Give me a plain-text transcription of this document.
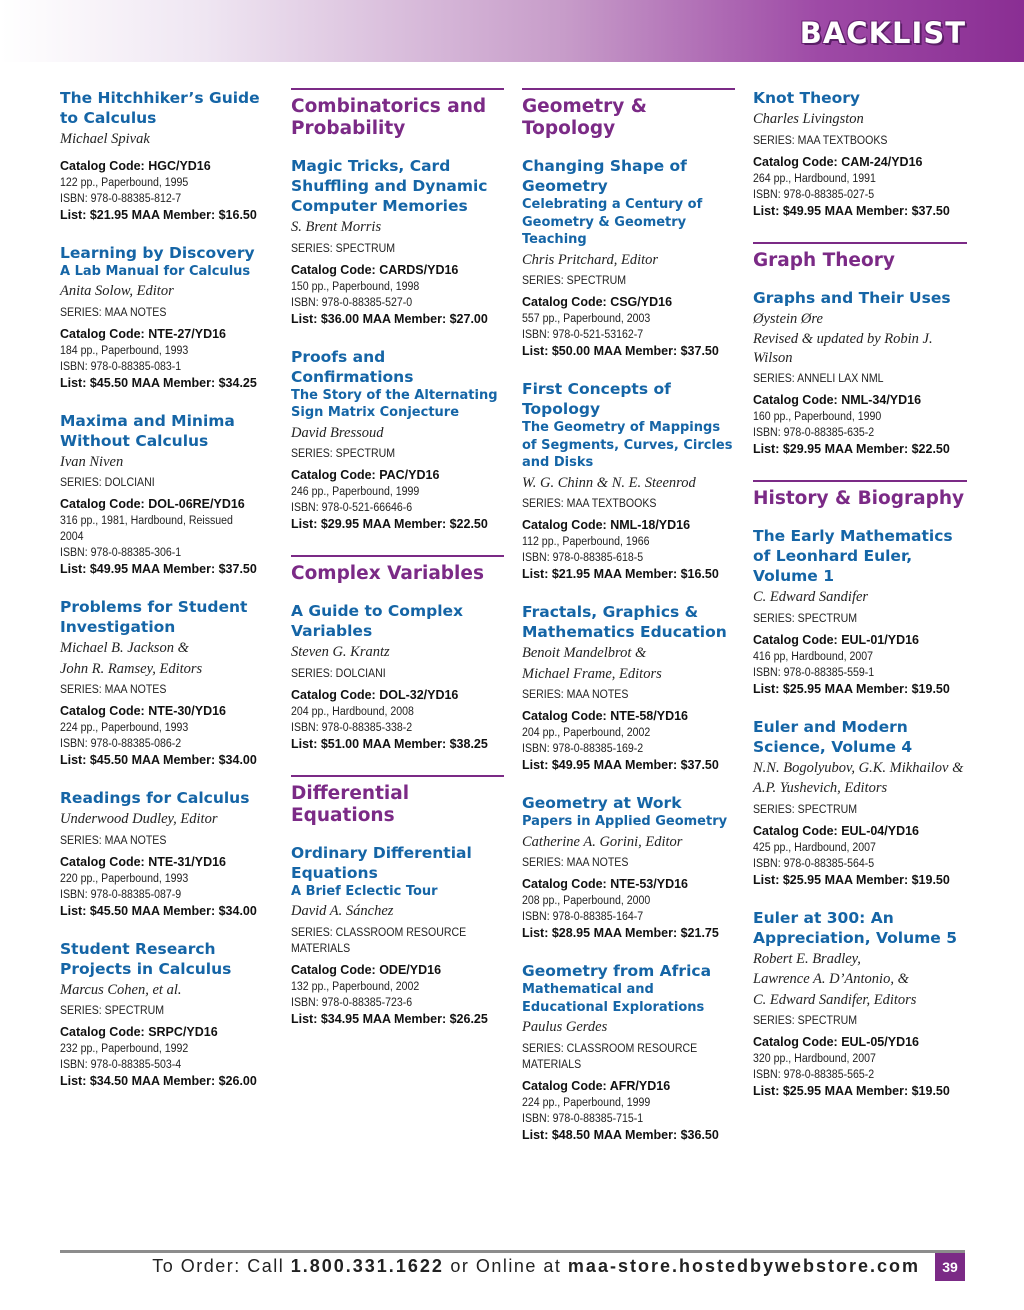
BACKLIST
The Hitchhiker’s Guide to Calculus
Michael Spivak
Catalog Code: HGC/YD16
122 pp., Paperbound, 1995
ISBN: 978-0-88385-812-7
List: $21.95 MAA Member: $16.50
Learning by Discovery
A Lab Manual for Calculus
Anita Solow, Editor
SERIES: MAA NOTES
Catalog Code: NTE-27/YD16
184 pp., Paperbound, 1993
ISBN: 978-0-88385-083-1
List: $45.50 MAA Member: $34.25
Maxima and Minima Without Calculus
Ivan Niven
SERIES: DOLCIANI
Catalog Code: DOL-06RE/YD16
316 pp., 1981, Hardbound, Reissued 2004
ISBN: 978-0-88385-306-1
List: $49.95 MAA Member: $37.50
Problems for Student Investigation
Michael B. Jackson &
John R. Ramsey, Editors
SERIES: MAA NOTES
Catalog Code: NTE-30/YD16
224 pp., Paperbound, 1993
ISBN: 978-0-88385-086-2
List: $45.50 MAA Member: $34.00
Readings for Calculus
Underwood Dudley, Editor
SERIES: MAA NOTES
Catalog Code: NTE-31/YD16
220 pp., Paperbound, 1993
ISBN: 978-0-88385-087-9
List: $45.50 MAA Member: $34.00
Student Research Projects in Calculus
Marcus Cohen, et al.
SERIES: SPECTRUM
Catalog Code: SRPC/YD16
232 pp., Paperbound, 1992
ISBN: 978-0-88385-503-4
List: $34.50 MAA Member: $26.00
Combinatorics and Probability
Magic Tricks, Card Shuffling and Dynamic Computer Memories
S. Brent Morris
SERIES: SPECTRUM
Catalog Code: CARDS/YD16
150 pp., Paperbound, 1998
ISBN: 978-0-88385-527-0
List: $36.00 MAA Member: $27.00
Proofs and Confirmations
The Story of the Alternating Sign Matrix Conjecture
David Bressoud
SERIES: SPECTRUM
Catalog Code: PAC/YD16
246 pp., Paperbound, 1999
ISBN: 978-0-521-66646-6
List: $29.95 MAA Member: $22.50
Complex Variables
A Guide to Complex Variables
Steven G. Krantz
SERIES: DOLCIANI
Catalog Code: DOL-32/YD16
204 pp., Hardbound, 2008
ISBN: 978-0-88385-338-2
List: $51.00 MAA Member: $38.25
Differential Equations
Ordinary Differential Equations
A Brief Eclectic Tour
David A. Sánchez
SERIES: CLASSROOM RESOURCE MATERIALS
Catalog Code: ODE/YD16
132 pp., Paperbound, 2002
ISBN: 978-0-88385-723-6
List: $34.95 MAA Member: $26.25
Geometry & Topology
Changing Shape of Geometry
Celebrating a Century of Geometry & Geometry Teaching
Chris Pritchard, Editor
SERIES: SPECTRUM
Catalog Code: CSG/YD16
557 pp., Paperbound, 2003
ISBN: 978-0-521-53162-7
List: $50.00 MAA Member: $37.50
First Concepts of Topology
The Geometry of Mappings of Segments, Curves, Circles and Disks
W. G. Chinn & N. E. Steenrod
SERIES: MAA TEXTBOOKS
Catalog Code: NML-18/YD16
112 pp., Paperbound, 1966
ISBN: 978-0-88385-618-5
List: $21.95 MAA Member: $16.50
Fractals, Graphics & Mathematics Education
Benoit Mandelbrot &
Michael Frame, Editors
SERIES: MAA NOTES
Catalog Code: NTE-58/YD16
204 pp., Paperbound, 2002
ISBN: 978-0-88385-169-2
List: $49.95 MAA Member: $37.50
Geometry at Work
Papers in Applied Geometry
Catherine A. Gorini, Editor
SERIES: MAA NOTES
Catalog Code: NTE-53/YD16
208 pp., Paperbound, 2000
ISBN: 978-0-88385-164-7
List: $28.95 MAA Member: $21.75
Geometry from Africa
Mathematical and Educational Explorations
Paulus Gerdes
SERIES: CLASSROOM RESOURCE MATERIALS
Catalog Code: AFR/YD16
224 pp., Paperbound, 1999
ISBN: 978-0-88385-715-1
List: $48.50 MAA Member: $36.50
Knot Theory
Charles Livingston
SERIES: MAA TEXTBOOKS
Catalog Code: CAM-24/YD16
264 pp., Hardbound, 1991
ISBN: 978-0-88385-027-5
List: $49.95 MAA Member: $37.50
Graph Theory
Graphs and Their Uses
Øystein Øre
Revised & updated by Robin J. Wilson
SERIES: ANNELI LAX NML
Catalog Code: NML-34/YD16
160 pp., Paperbound, 1990
ISBN: 978-0-88385-635-2
List: $29.95 MAA Member: $22.50
History & Biography
The Early Mathematics of Leonhard Euler, Volume 1
C. Edward Sandifer
SERIES: SPECTRUM
Catalog Code: EUL-01/YD16
416 pp, Hardbound, 2007
ISBN: 978-0-88385-559-1
List: $25.95 MAA Member: $19.50
Euler and Modern Science, Volume 4
N.N. Bogolyubov, G.K. Mikhailov &
A.P. Yushevich, Editors
SERIES: SPECTRUM
Catalog Code: EUL-04/YD16
425 pp., Hardbound, 2007
ISBN: 978-0-88385-564-5
List: $25.95 MAA Member: $19.50
Euler at 300: An Appreciation, Volume 5
Robert E. Bradley,
Lawrence A. D’Antonio, &
C. Edward Sandifer, Editors
SERIES: SPECTRUM
Catalog Code: EUL-05/YD16
320 pp., Hardbound, 2007
ISBN: 978-0-88385-565-2
List: $25.95 MAA Member: $19.50
To Order: Call 1.800.331.1622 or Online at maa-store.hostedbywebstore.com	39
